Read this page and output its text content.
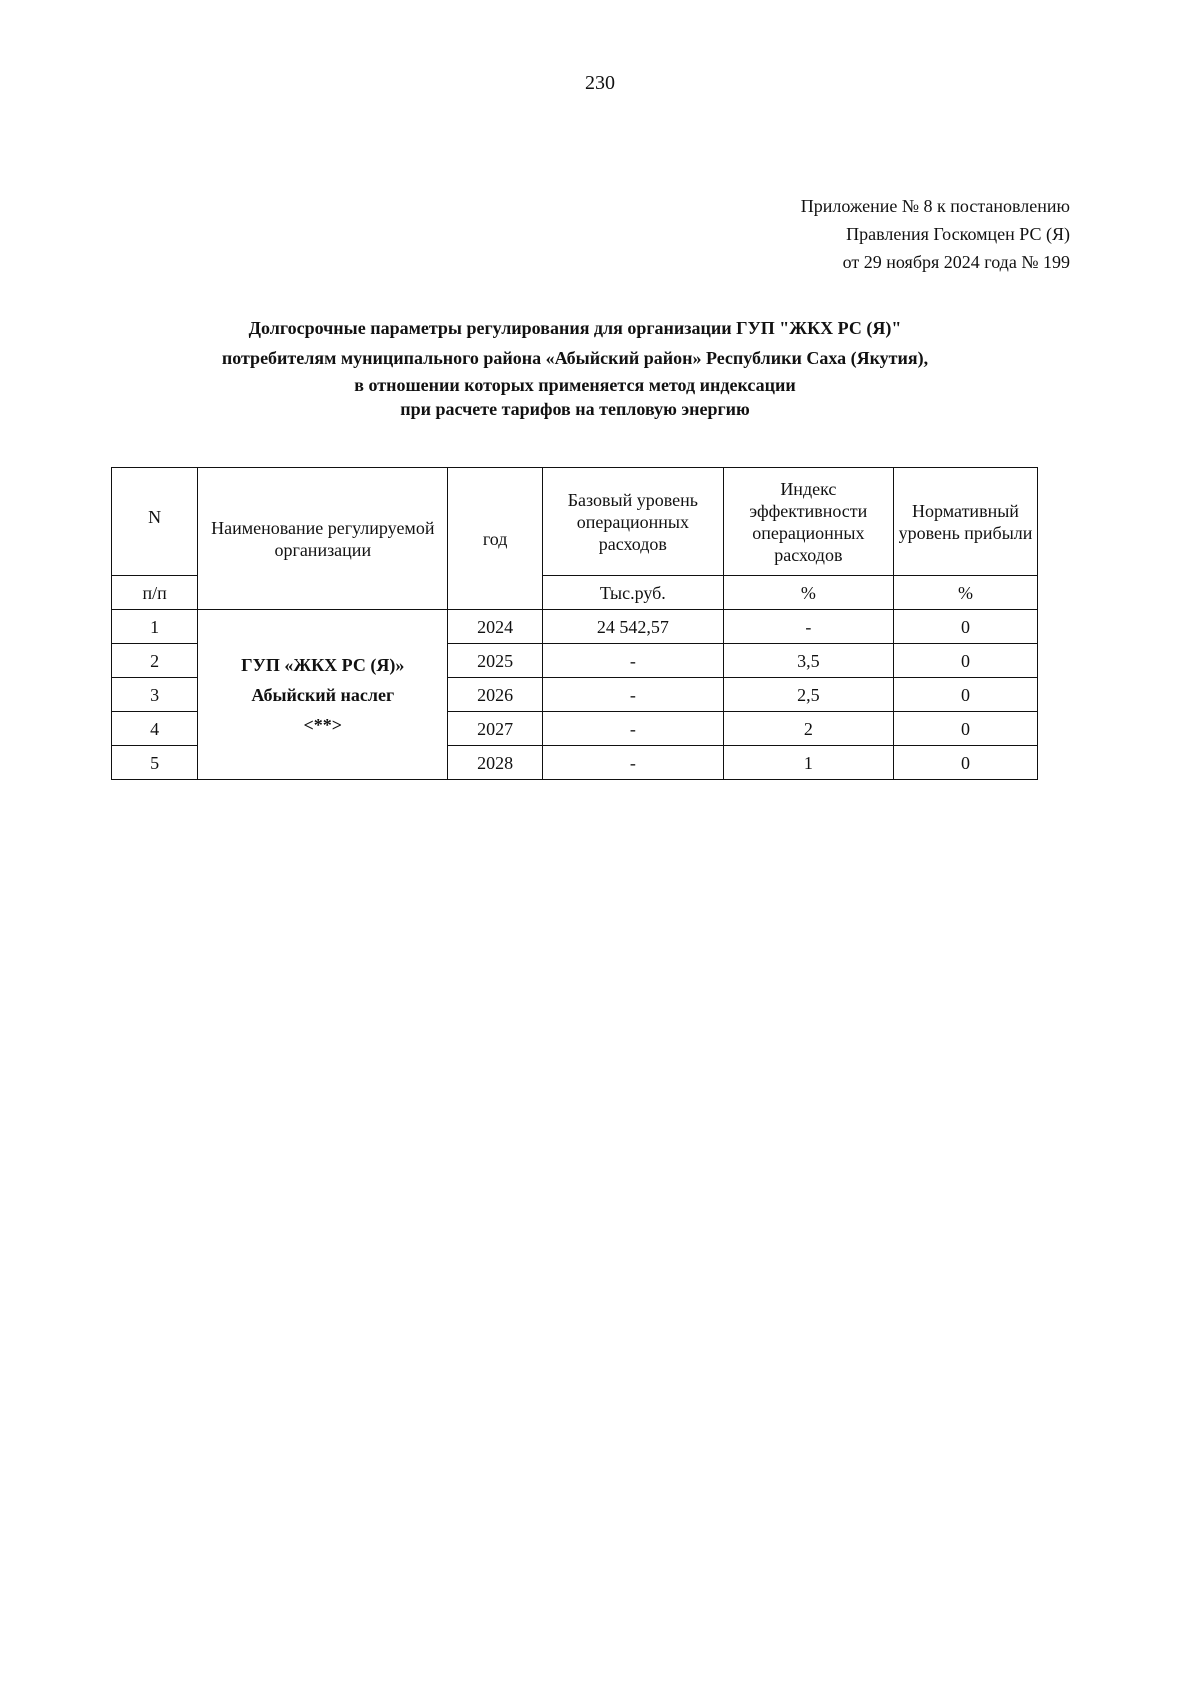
230
Приложение № 8 к постановлению
Правления Госкомцен РС (Я)
от 29 ноября 2024 года № 199
Долгосрочные параметры регулирования для организации ГУП "ЖКХ РС (Я)"
потребителям муниципального района «Абыйский район» Республики Саха (Якутия),
в отношении которых применяется метод индексации
при расчете тарифов на тепловую энергию
N	Наименование регулируемой организации	год	Базовый уровень операционных расходов	Индекс эффективности операционных расходов	Нормативный уровень прибыли
п/п			Тыс.руб.	%	%
1	ГУП «ЖКХ РС (Я)»
Абыйский наслег
<**>	2024	24 542,57	-	0
2		2025	-	3,5	0
3		2026	-	2,5	0
4		2027	-	2	0
5		2028	-	1	0
